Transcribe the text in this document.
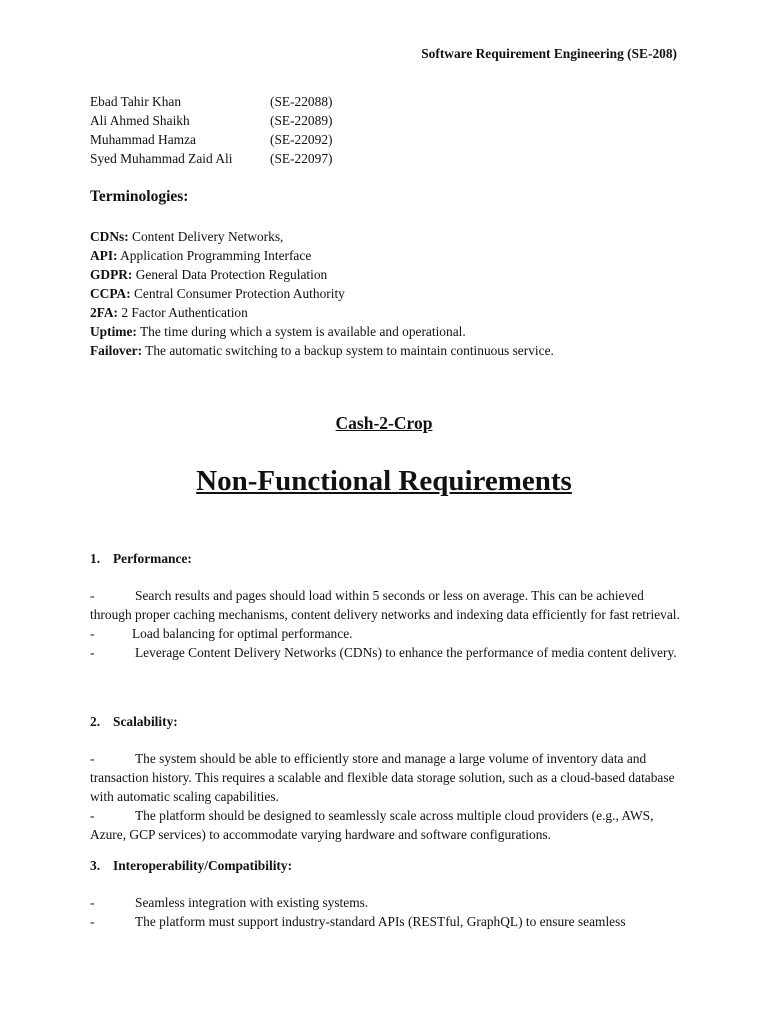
Software Requirement Engineering (SE-208)
Ebad Tahir Khan	(SE-22088)
Ali Ahmed Shaikh	(SE-22089)
Muhammad Hamza	(SE-22092)
Syed Muhammad Zaid Ali	(SE-22097)
Terminologies:
CDNs: Content Delivery Networks,
API: Application Programming Interface
GDPR: General Data Protection Regulation
CCPA: Central Consumer Protection Authority
2FA: 2 Factor Authentication
Uptime: The time during which a system is available and operational.
Failover: The automatic switching to a backup system to maintain continuous service.
Cash-2-Crop
Non-Functional Requirements
1. Performance:
-	Search results and pages should load within 5 seconds or less on average. This can be achieved through proper caching mechanisms, content delivery networks and indexing data efficiently for fast retrieval.
-	Load balancing for optimal performance.
-	Leverage Content Delivery Networks (CDNs) to enhance the performance of media content delivery.
2. Scalability:
-	The system should be able to efficiently store and manage a large volume of inventory data and transaction history. This requires a scalable and flexible data storage solution, such as a cloud-based database with automatic scaling capabilities.
-	The platform should be designed to seamlessly scale across multiple cloud providers (e.g., AWS, Azure, GCP services) to accommodate varying hardware and software configurations.
3. Interoperability/Compatibility:
-	Seamless integration with existing systems.
-	The platform must support industry-standard APIs (RESTful, GraphQL) to ensure seamless
